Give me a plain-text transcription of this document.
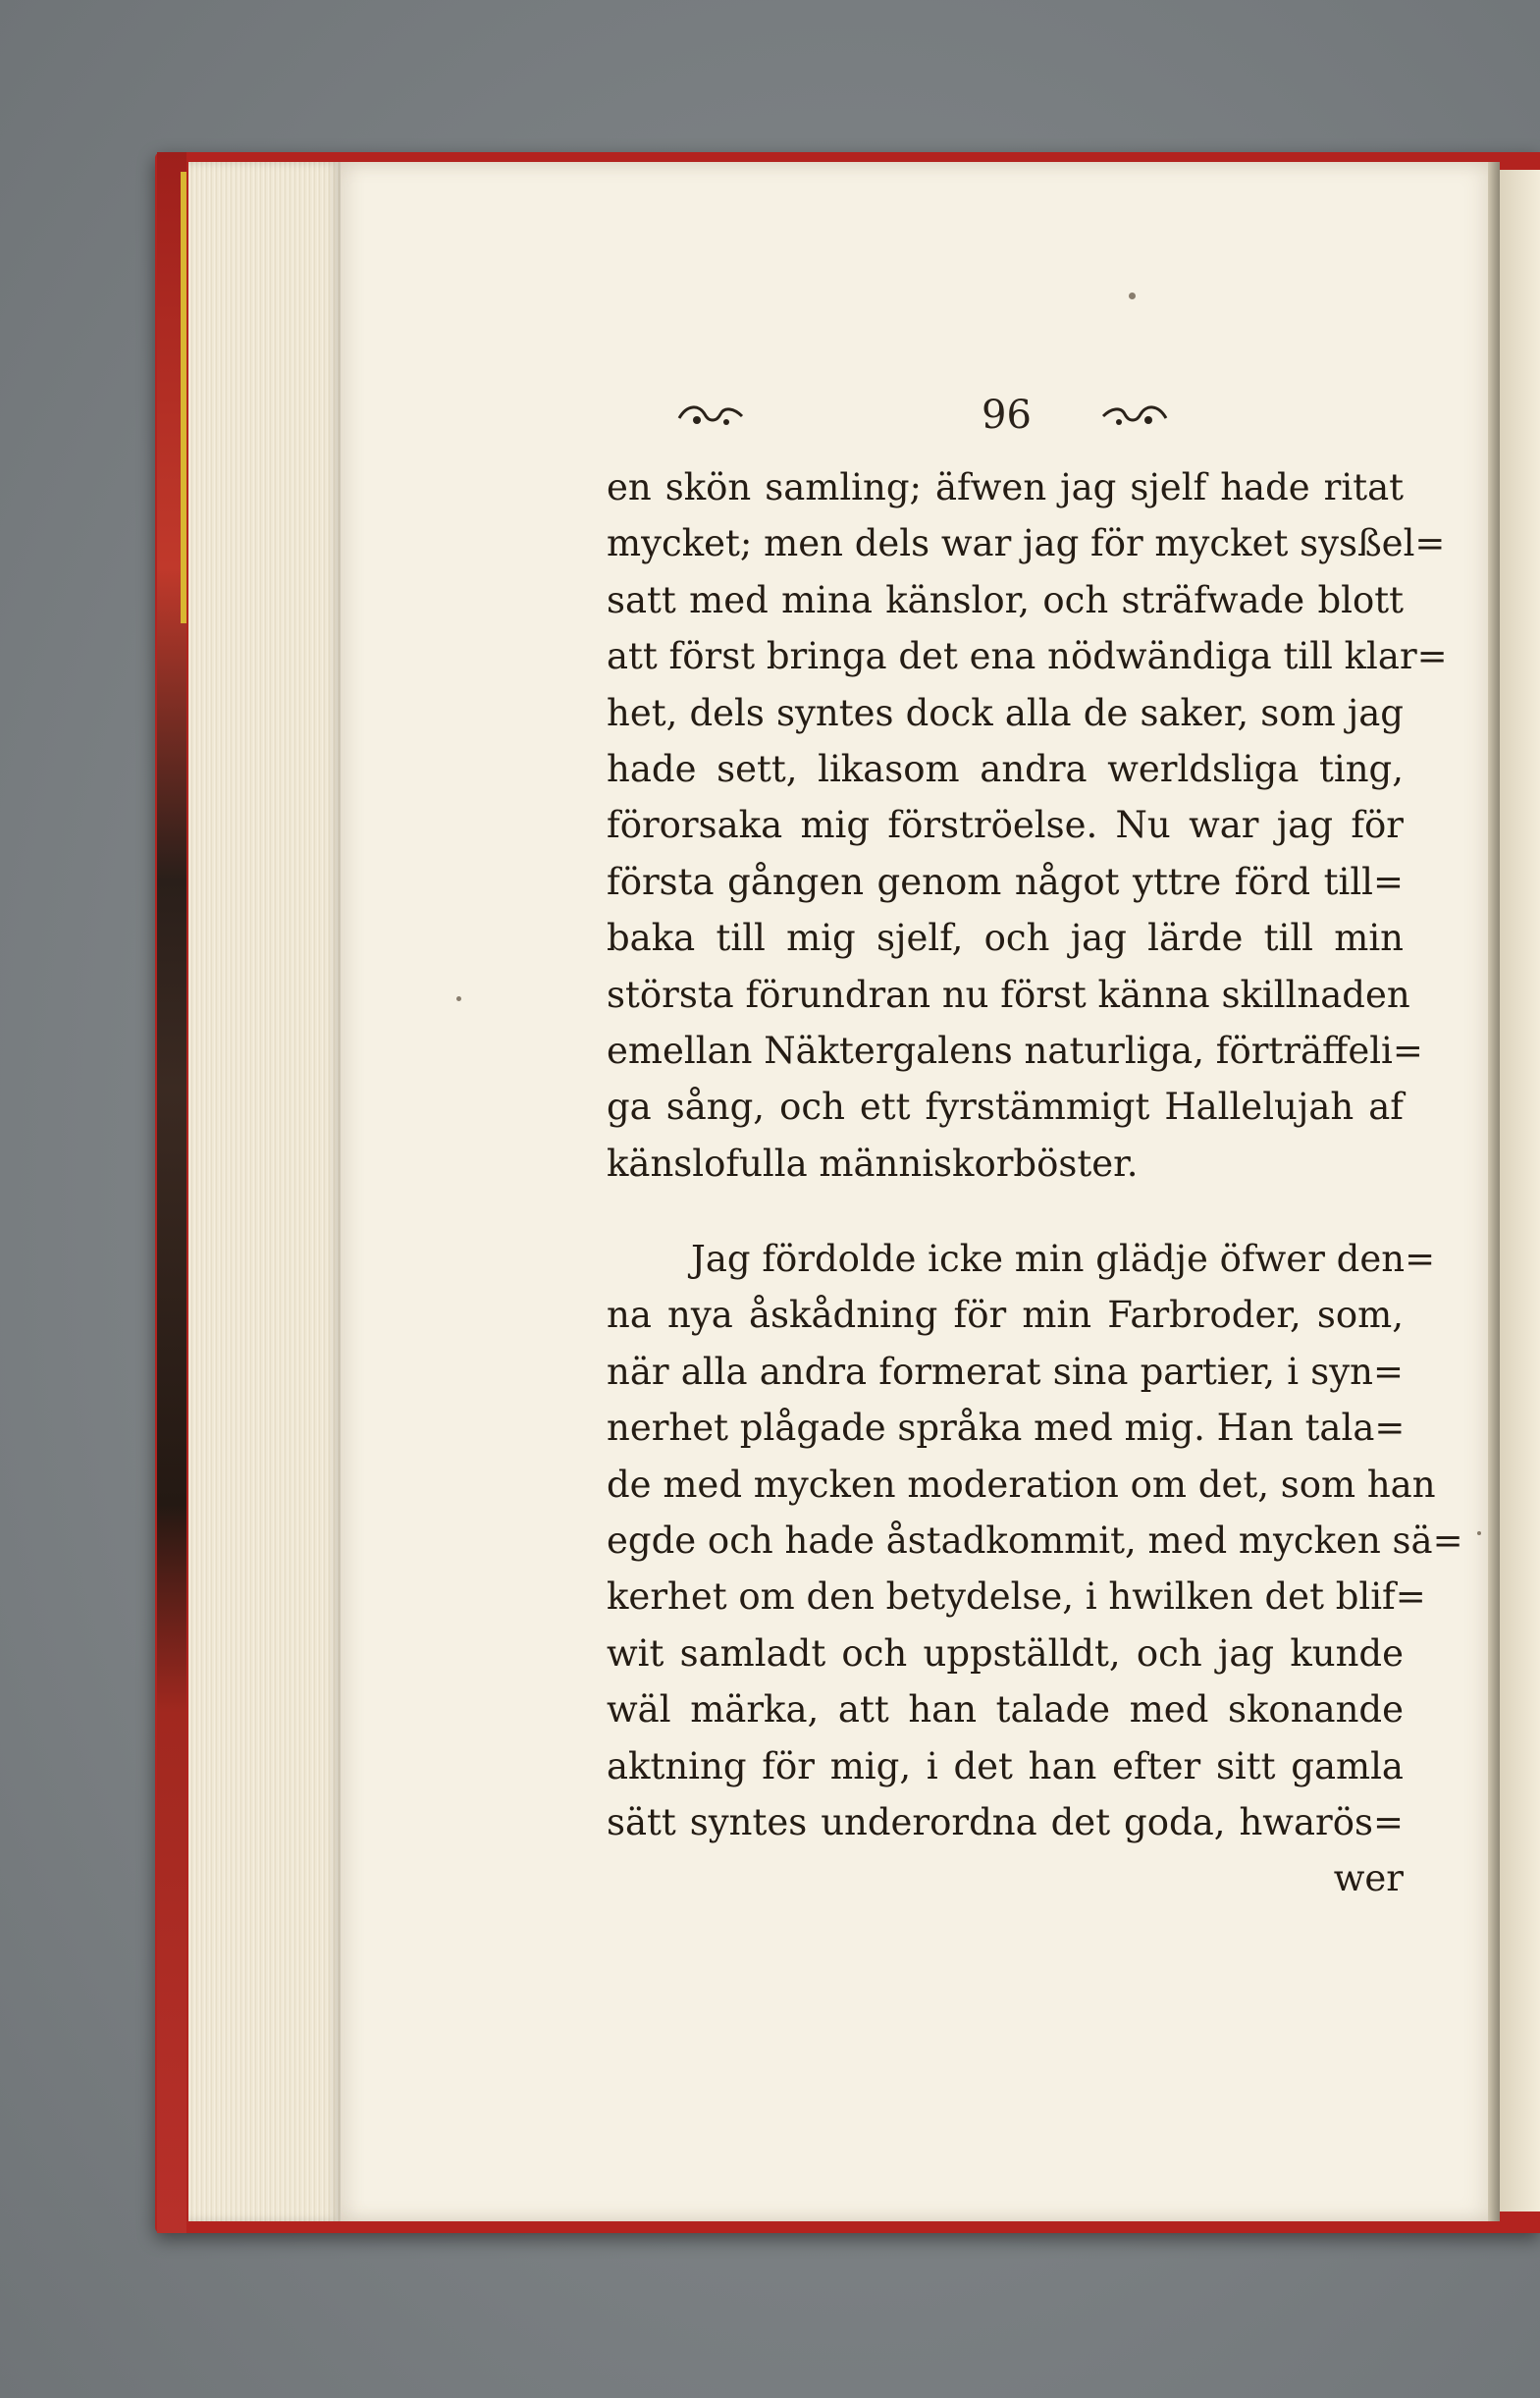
96
en skön samling; äfwen jag sjelf hade ritat
mycket; men dels war jag för mycket sysßel=
satt med mina känslor, och sträfwade blott
att först bringa det ena nödwändiga till klar=
het, dels syntes dock alla de saker, som jag
hade sett, likasom andra werldsliga ting,
förorsaka mig förströelse. Nu war jag för
första gången genom något yttre förd till=
baka till mig sjelf, och jag lärde till min
största förundran nu först känna skillnaden
emellan Näktergalens naturliga, förträffeli=
ga sång, och ett fyrstämmigt Hallelujah af
känslofulla människorböster.
Jag fördolde icke min glädje öfwer den=
na nya åskådning för min Farbroder, som,
när alla andra formerat sina partier, i syn=
nerhet plågade språka med mig. Han tala=
de med mycken moderation om det, som han
egde och hade åstadkommit, med mycken sä=
kerhet om den betydelse, i hwilken det blif=
wit samladt och uppställdt, och jag kunde
wäl märka, att han talade med skonande
aktning för mig, i det han efter sitt gamla
sätt syntes underordna det goda, hwarös=
wer
